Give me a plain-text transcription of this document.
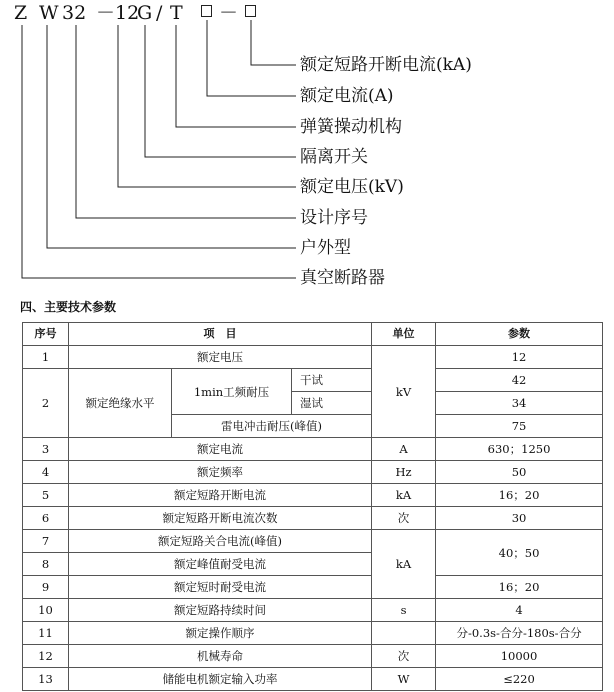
Z W 32 －12
G / T －
额定短路开断电流(kA)
额定电流(A)
弹簧操动机构
隔离开关
额定电压(kV)
设计序号
户外型
真空断路器
四、主要技术参数
序号	项　目			单位	参数
1	额定电压			kV	12
2	额定绝缘水平	1min工频耐压	干试		42
			湿试		34
		雷电冲击耐压(峰值)			75
3	额定电流			A	630；1250
4	额定频率			Hz	50
5	额定短路开断电流			kA	16；20
6	额定短路开断电流次数			次	30
7	额定短路关合电流(峰值)			kA	40；50
8	额定峰值耐受电流				
9	额定短时耐受电流				16；20
10	额定短路持续时间			s	4
11	额定操作顺序				分-0.3s-合分-180s-合分
12	机械寿命			次	10000
13	储能电机额定输入功率			W	≤220
